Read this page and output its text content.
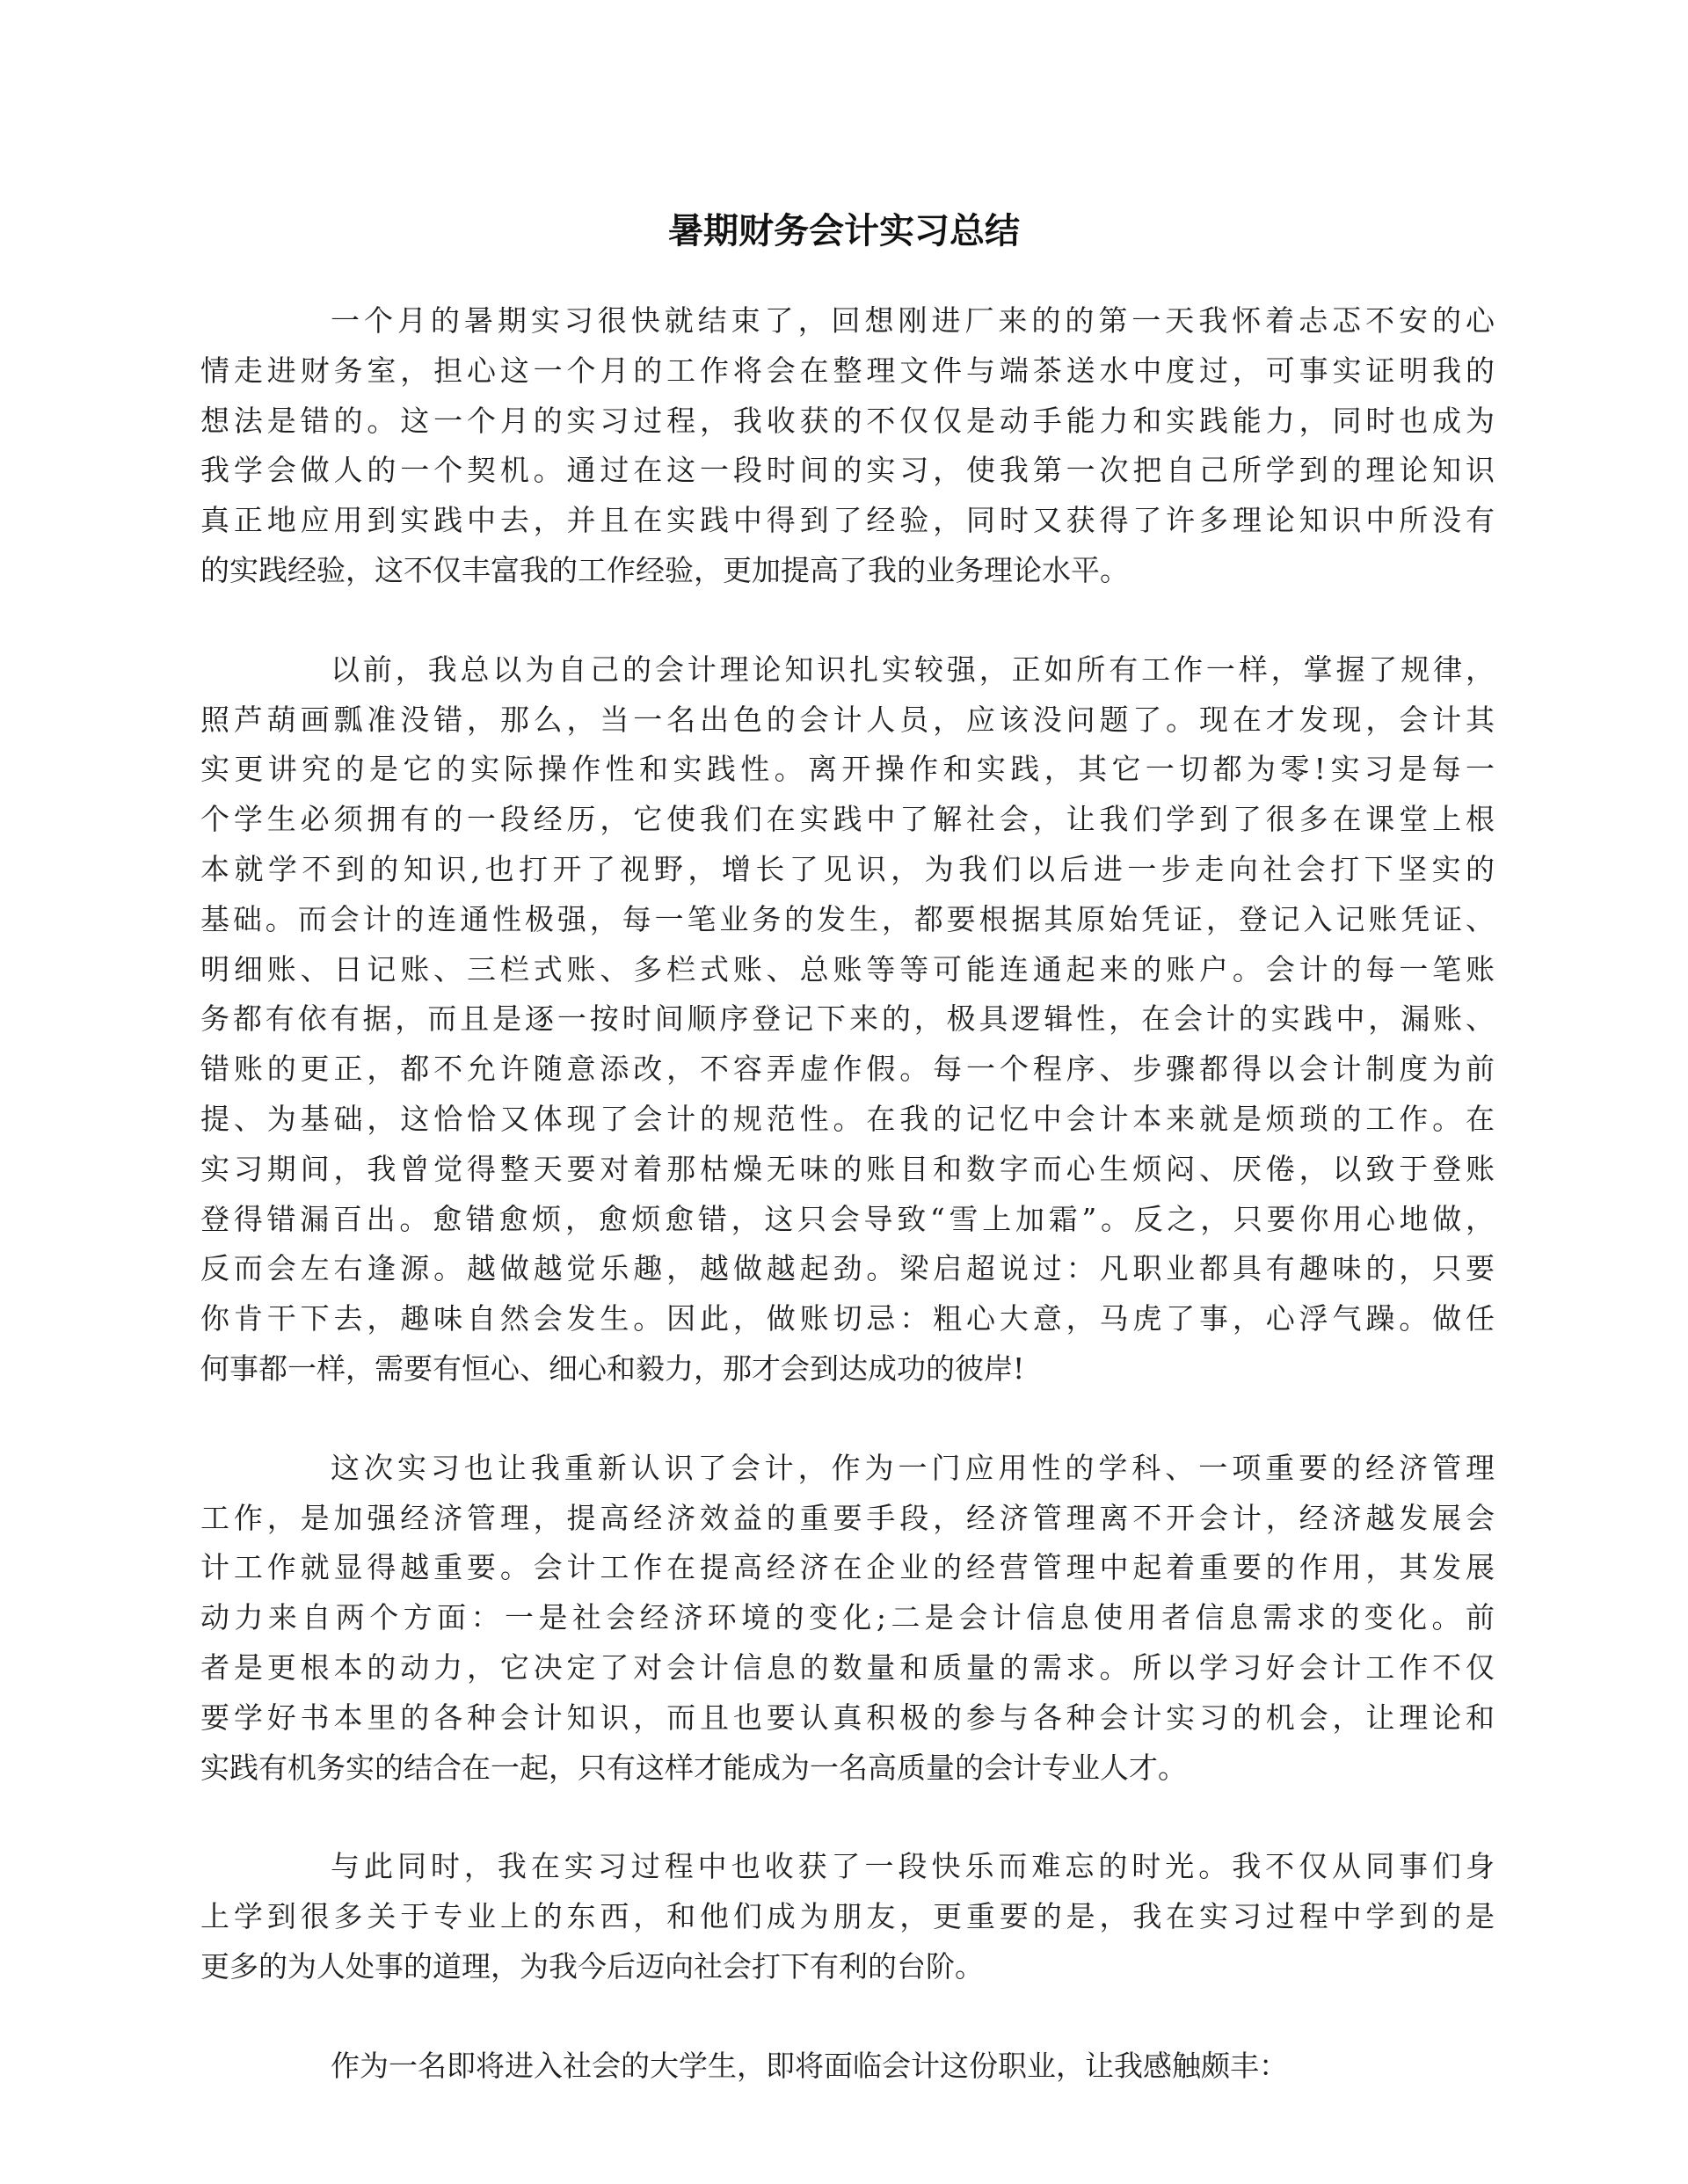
暑期财务会计实习总结
一个月的暑期实习很快就结束了，回想刚进厂来的的第一天我怀着忐忑不安的心
情走进财务室，担心这一个月的工作将会在整理文件与端茶送水中度过，可事实证明我的
想法是错的。这一个月的实习过程，我收获的不仅仅是动手能力和实践能力，同时也成为
我学会做人的一个契机。通过在这一段时间的实习，使我第一次把自己所学到的理论知识
真正地应用到实践中去，并且在实践中得到了经验，同时又获得了许多理论知识中所没有
的实践经验，这不仅丰富我的工作经验，更加提高了我的业务理论水平。
以前，我总以为自己的会计理论知识扎实较强，正如所有工作一样，掌握了规律，
照芦葫画瓢准没错，那么，当一名出色的会计人员，应该没问题了。现在才发现，会计其
实更讲究的是它的实际操作性和实践性。离开操作和实践，其它一切都为零!实习是每一
个学生必须拥有的一段经历，它使我们在实践中了解社会，让我们学到了很多在课堂上根
本就学不到的知识,也打开了视野，增长了见识，为我们以后进一步走向社会打下坚实的
基础。而会计的连通性极强，每一笔业务的发生，都要根据其原始凭证，登记入记账凭证、
明细账、日记账、三栏式账、多栏式账、总账等等可能连通起来的账户。会计的每一笔账
务都有依有据，而且是逐一按时间顺序登记下来的，极具逻辑性，在会计的实践中，漏账、
错账的更正，都不允许随意添改，不容弄虚作假。每一个程序、步骤都得以会计制度为前
提、为基础，这恰恰又体现了会计的规范性。在我的记忆中会计本来就是烦琐的工作。在
实习期间，我曾觉得整天要对着那枯燥无味的账目和数字而心生烦闷、厌倦，以致于登账
登得错漏百出。愈错愈烦，愈烦愈错，这只会导致“雪上加霜”。反之，只要你用心地做，
反而会左右逢源。越做越觉乐趣，越做越起劲。梁启超说过：凡职业都具有趣味的，只要
你肯干下去，趣味自然会发生。因此，做账切忌：粗心大意，马虎了事，心浮气躁。做任
何事都一样，需要有恒心、细心和毅力，那才会到达成功的彼岸!
这次实习也让我重新认识了会计，作为一门应用性的学科、一项重要的经济管理
工作，是加强经济管理，提高经济效益的重要手段，经济管理离不开会计，经济越发展会
计工作就显得越重要。会计工作在提高经济在企业的经营管理中起着重要的作用，其发展
动力来自两个方面：一是社会经济环境的变化;二是会计信息使用者信息需求的变化。前
者是更根本的动力，它决定了对会计信息的数量和质量的需求。所以学习好会计工作不仅
要学好书本里的各种会计知识，而且也要认真积极的参与各种会计实习的机会，让理论和
实践有机务实的结合在一起，只有这样才能成为一名高质量的会计专业人才。
与此同时，我在实习过程中也收获了一段快乐而难忘的时光。我不仅从同事们身
上学到很多关于专业上的东西，和他们成为朋友，更重要的是，我在实习过程中学到的是
更多的为人处事的道理，为我今后迈向社会打下有利的台阶。
作为一名即将进入社会的大学生，即将面临会计这份职业，让我感触颇丰：
